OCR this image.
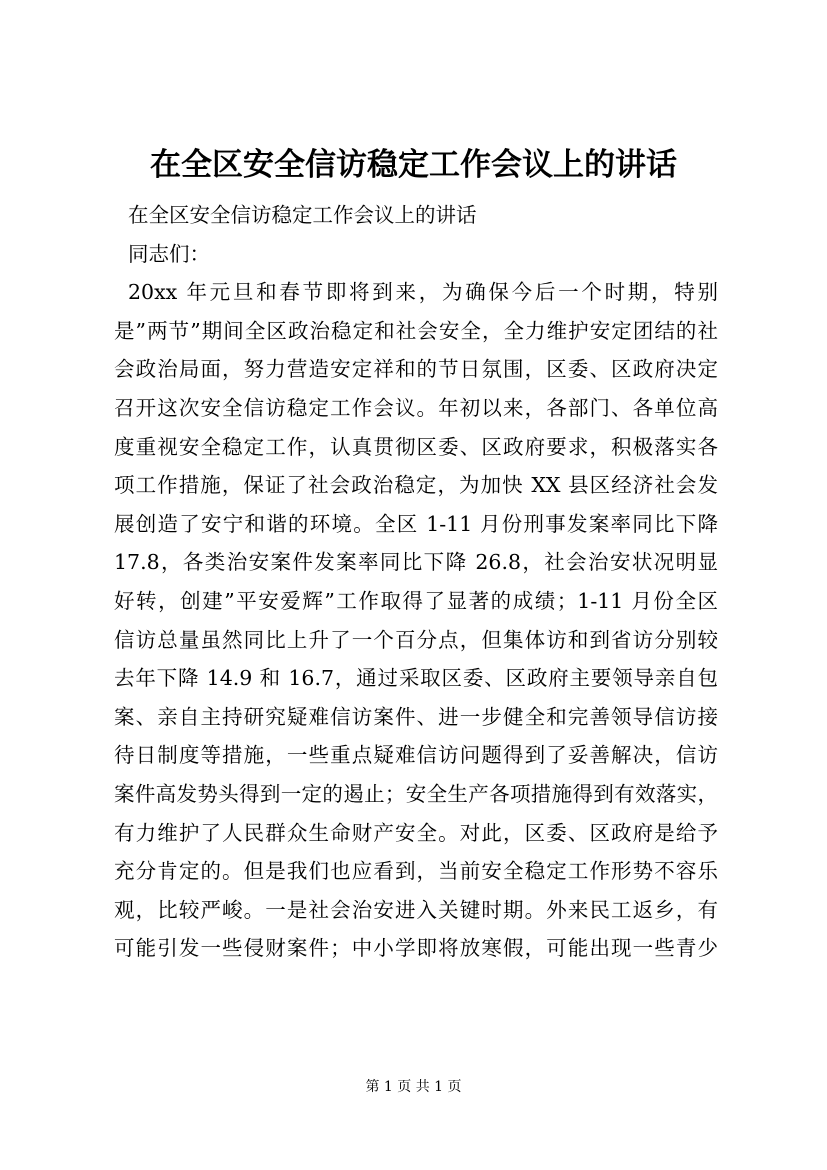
在全区安全信访稳定工作会议上的讲话
在全区安全信访稳定工作会议上的讲话
同志们：
20xx 年元旦和春节即将到来，为确保今后一个时期，特别
是”两节”期间全区政治稳定和社会安全，全力维护安定团结的社
会政治局面，努力营造安定祥和的节日氛围，区委、区政府决定
召开这次安全信访稳定工作会议。年初以来，各部门、各单位高
度重视安全稳定工作，认真贯彻区委、区政府要求，积极落实各
项工作措施，保证了社会政治稳定，为加快 XX 县区经济社会发
展创造了安宁和谐的环境。全区 1-11 月份刑事发案率同比下降
17.8，各类治安案件发案率同比下降 26.8，社会治安状况明显
好转，创建”平安爱辉”工作取得了显著的成绩；1-11 月份全区
信访总量虽然同比上升了一个百分点，但集体访和到省访分别较
去年下降 14.9 和 16.7，通过采取区委、区政府主要领导亲自包
案、亲自主持研究疑难信访案件、进一步健全和完善领导信访接
待日制度等措施，一些重点疑难信访问题得到了妥善解决，信访
案件高发势头得到一定的遏止；安全生产各项措施得到有效落实，
有力维护了人民群众生命财产安全。对此，区委、区政府是给予
充分肯定的。但是我们也应看到，当前安全稳定工作形势不容乐
观，比较严峻。一是社会治安进入关键时期。外来民工返乡，有
可能引发一些侵财案件；中小学即将放寒假，可能出现一些青少
第 1 页 共 1 页
